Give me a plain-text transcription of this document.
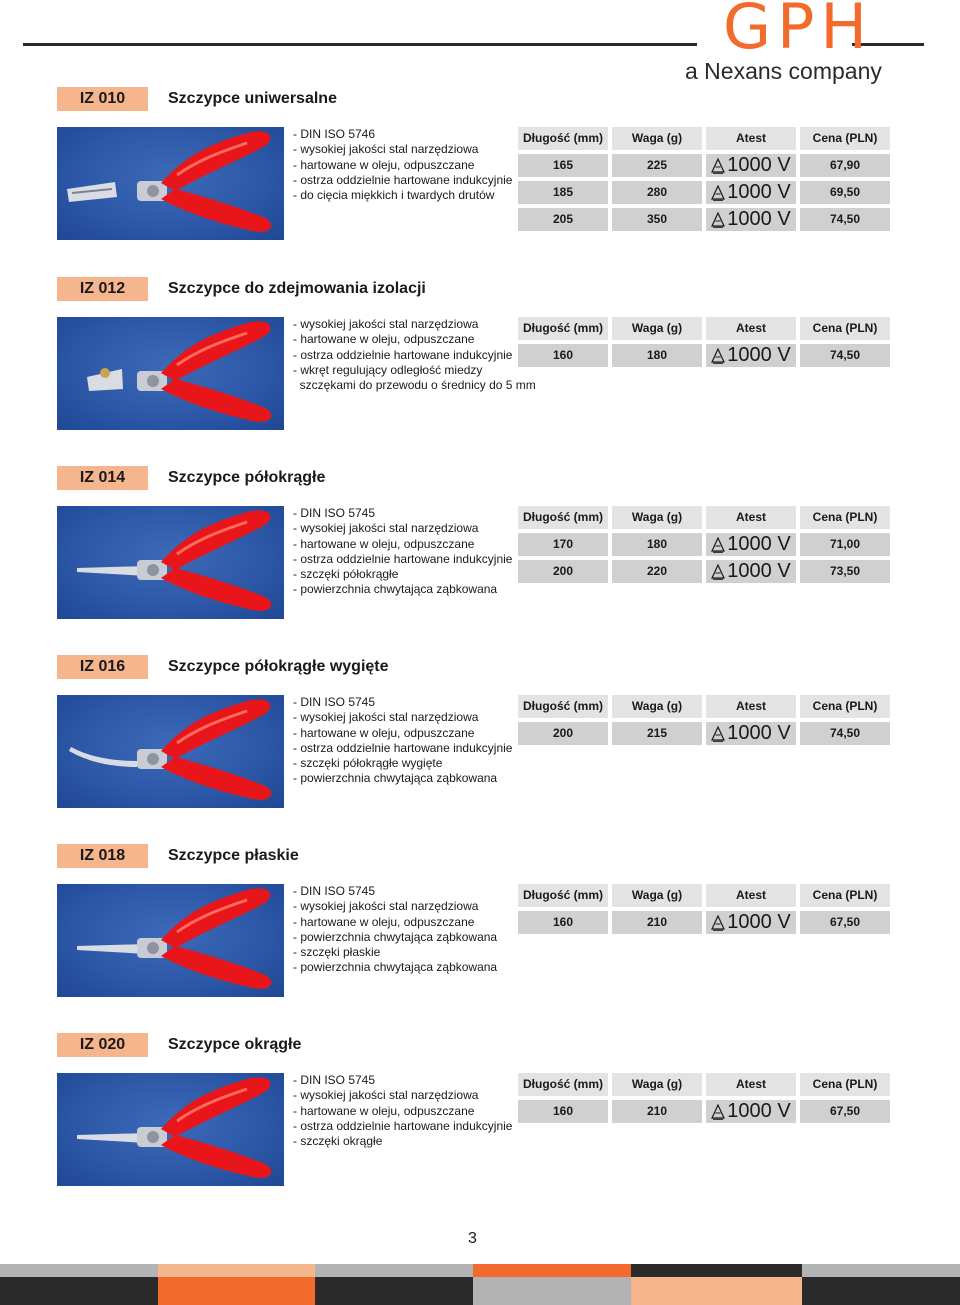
GPH
a Nexans company
IZ 010	Szczypce uniwersalne
- DIN ISO 5746
- wysokiej jakości stal narzędziowa
- hartowane w oleju, odpuszczane
- ostrza oddzielnie hartowane indukcyjnie
- do cięcia miękkich i twardych drutów
Długość (mm)	Waga (g)	Atest	Cena (PLN)
165	225	1000 V	67,90
185	280	1000 V	69,50
205	350	1000 V	74,50
IZ 012	Szczypce do zdejmowania izolacji
- wysokiej jakości stal narzędziowa
- hartowane w oleju, odpuszczane
- ostrza oddzielnie hartowane indukcyjnie
- wkręt regulujący odległość miedzy
szczękami do przewodu o średnicy do 5 mm
Długość (mm)	Waga (g)	Atest	Cena (PLN)
160	180	1000 V	74,50
IZ 014	Szczypce półokrągłe
- DIN ISO 5745
- wysokiej jakości stal narzędziowa
- hartowane w oleju, odpuszczane
- ostrza oddzielnie hartowane indukcyjnie
- szczęki półokrągłe
- powierzchnia chwytająca ząbkowana
Długość (mm)	Waga (g)	Atest	Cena (PLN)
170	180	1000 V	71,00
200	220	1000 V	73,50
IZ 016	Szczypce półokrągłe wygięte
- DIN ISO 5745
- wysokiej jakości stal narzędziowa
- hartowane w oleju, odpuszczane
- ostrza oddzielnie hartowane indukcyjnie
- szczęki półokrągłe wygięte
- powierzchnia chwytająca ząbkowana
Długość (mm)	Waga (g)	Atest	Cena (PLN)
200	215	1000 V	74,50
IZ 018	Szczypce płaskie
- DIN ISO 5745
- wysokiej jakości stal narzędziowa
- hartowane w oleju, odpuszczane
- powierzchnia chwytająca ząbkowana
- szczęki płaskie
- powierzchnia chwytająca ząbkowana
Długość (mm)	Waga (g)	Atest	Cena (PLN)
160	210	1000 V	67,50
IZ 020	Szczypce okrągłe
- DIN ISO 5745
- wysokiej jakości stal narzędziowa
- hartowane w oleju, odpuszczane
- ostrza oddzielnie hartowane indukcyjnie
- szczęki okrągłe
Długość (mm)	Waga (g)	Atest	Cena (PLN)
160	210	1000 V	67,50
3
